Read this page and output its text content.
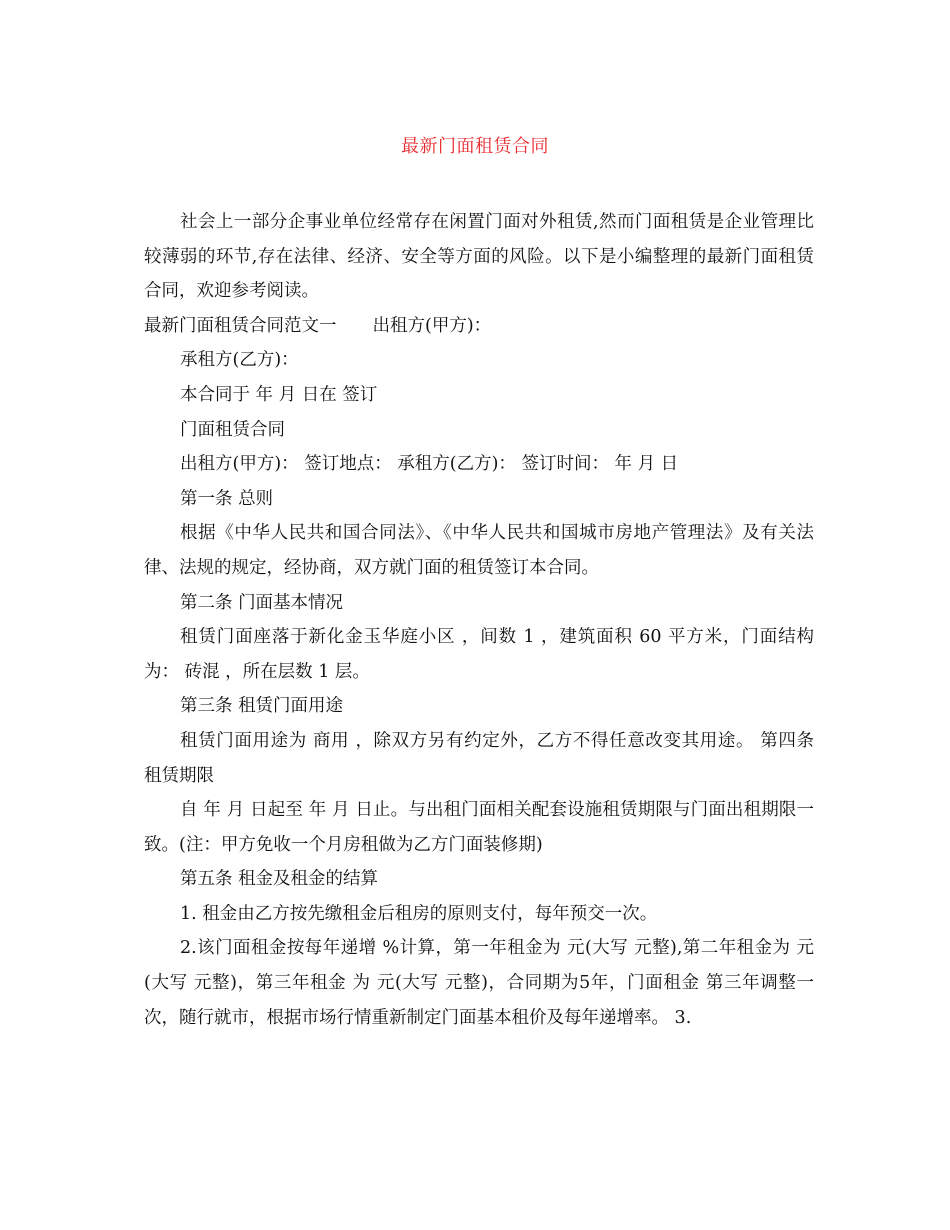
最新门面租赁合同

社会上一部分企事业单位经常存在闲置门面对外租赁,然而门面租赁是企业管理比较薄弱的环节,存在法律、经济、安全等方面的风险。以下是小编整理的最新门面租赁合同，欢迎参考阅读。

最新门面租赁合同范文一 出租方(甲方)：

承租方(乙方)：

本合同于 年 月 日在 签订

门面租赁合同

出租方(甲方)： 签订地点： 承租方(乙方)： 签订时间： 年 月 日

第一条 总则

根据《中华人民共和国合同法》、《中华人民共和国城市房地产管理法》及有关法律、法规的规定，经协商，双方就门面的租赁签订本合同。

第二条 门面基本情况

租赁门面座落于新化金玉华庭小区 ，间数 1 ，建筑面积 60 平方米，门面结构为： 砖混 ，所在层数 1 层。

第三条 租赁门面用途

租赁门面用途为 商用 ，除双方另有约定外，乙方不得任意改变其用途。 第四条 租赁期限

自 年 月 日起至 年 月 日止。与出租门面相关配套设施租赁期限与门面出租期限一致。(注：甲方免收一个月房租做为乙方门面装修期)

第五条 租金及租金的结算

1. 租金由乙方按先缴租金后租房的原则支付，每年预交一次。

2.该门面租金按每年递增 %计算，第一年租金为 元(大写 元整),第二年租金为 元(大写 元整)，第三年租金 为 元(大写 元整)，合同期为5年，门面租金 第三年调整一次，随行就市，根据市场行情重新制定门面基本租价及每年递增率。 3.
